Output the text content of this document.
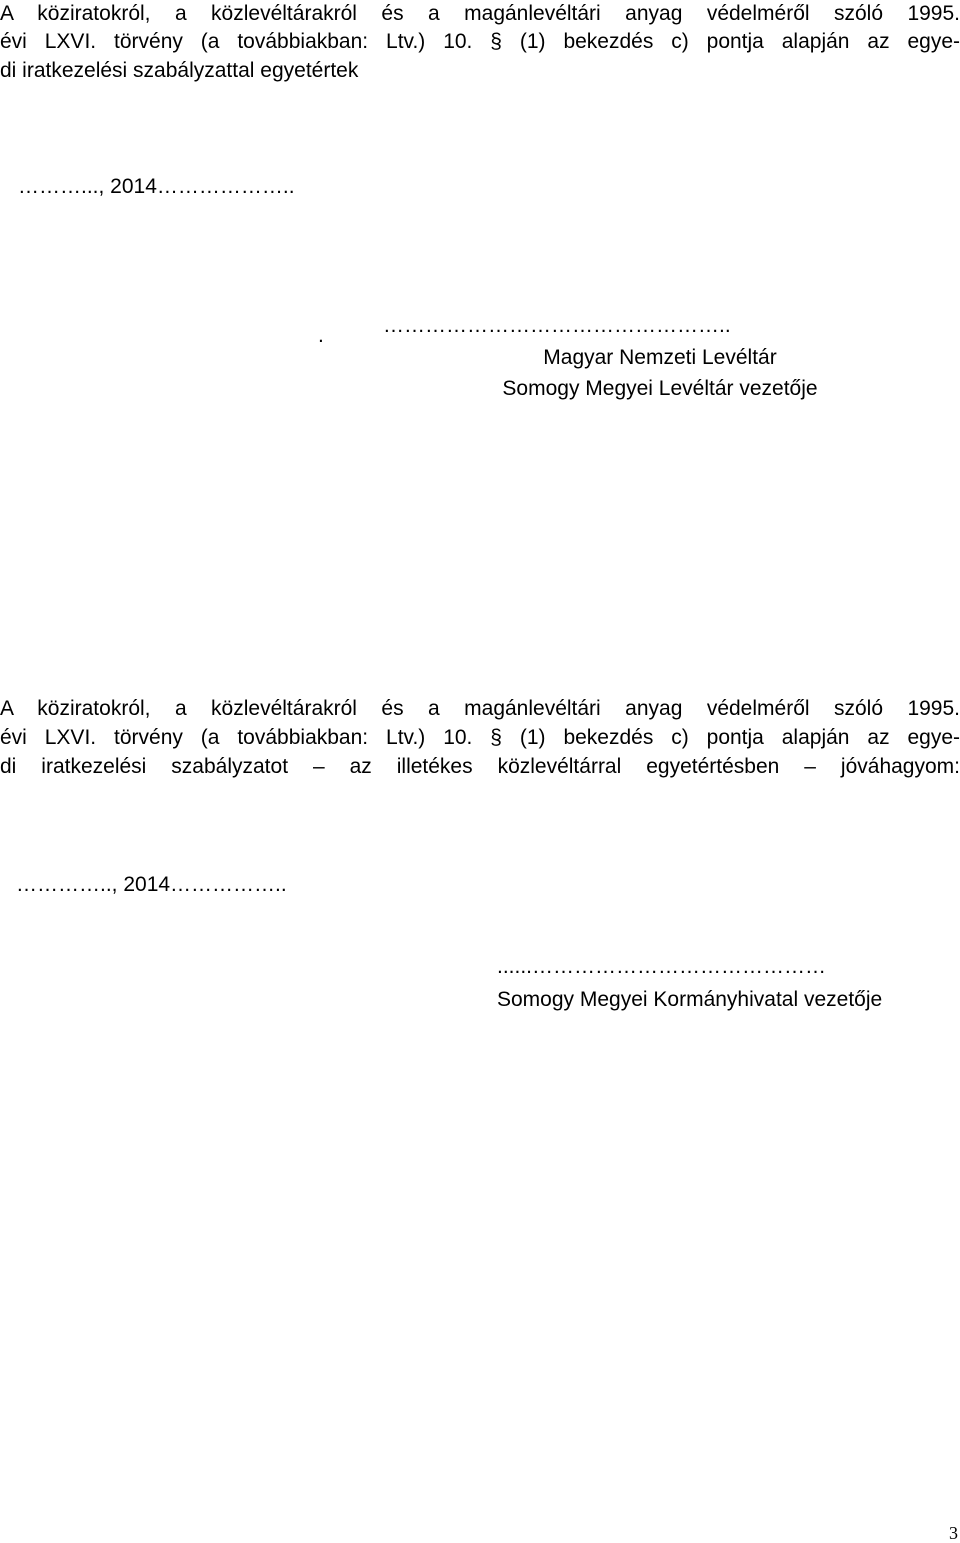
A köziratokról, a közlevéltárakról és a magánlevéltári anyag védelméről szóló 1995.
évi LXVI. törvény (a továbbiakban: Ltv.) 10. § (1) bekezdés c) pontja alapján az egye-
di iratkezelési szabályzattal egyetértek
………..., 2014………………..
.	…………………………………………..
Magyar Nemzeti Levéltár
Somogy Megyei Levéltár vezetője
A köziratokról, a közlevéltárakról és a magánlevéltári anyag védelméről szóló 1995.
évi LXVI. törvény (a továbbiakban: Ltv.) 10. § (1) bekezdés c) pontja alapján az egye-
di iratkezelési szabályzatot – az illetékes közlevéltárral egyetértésben – jóváhagyom:
………….., 2014……………..
......……………………………………
Somogy Megyei Kormányhivatal vezetője
3
